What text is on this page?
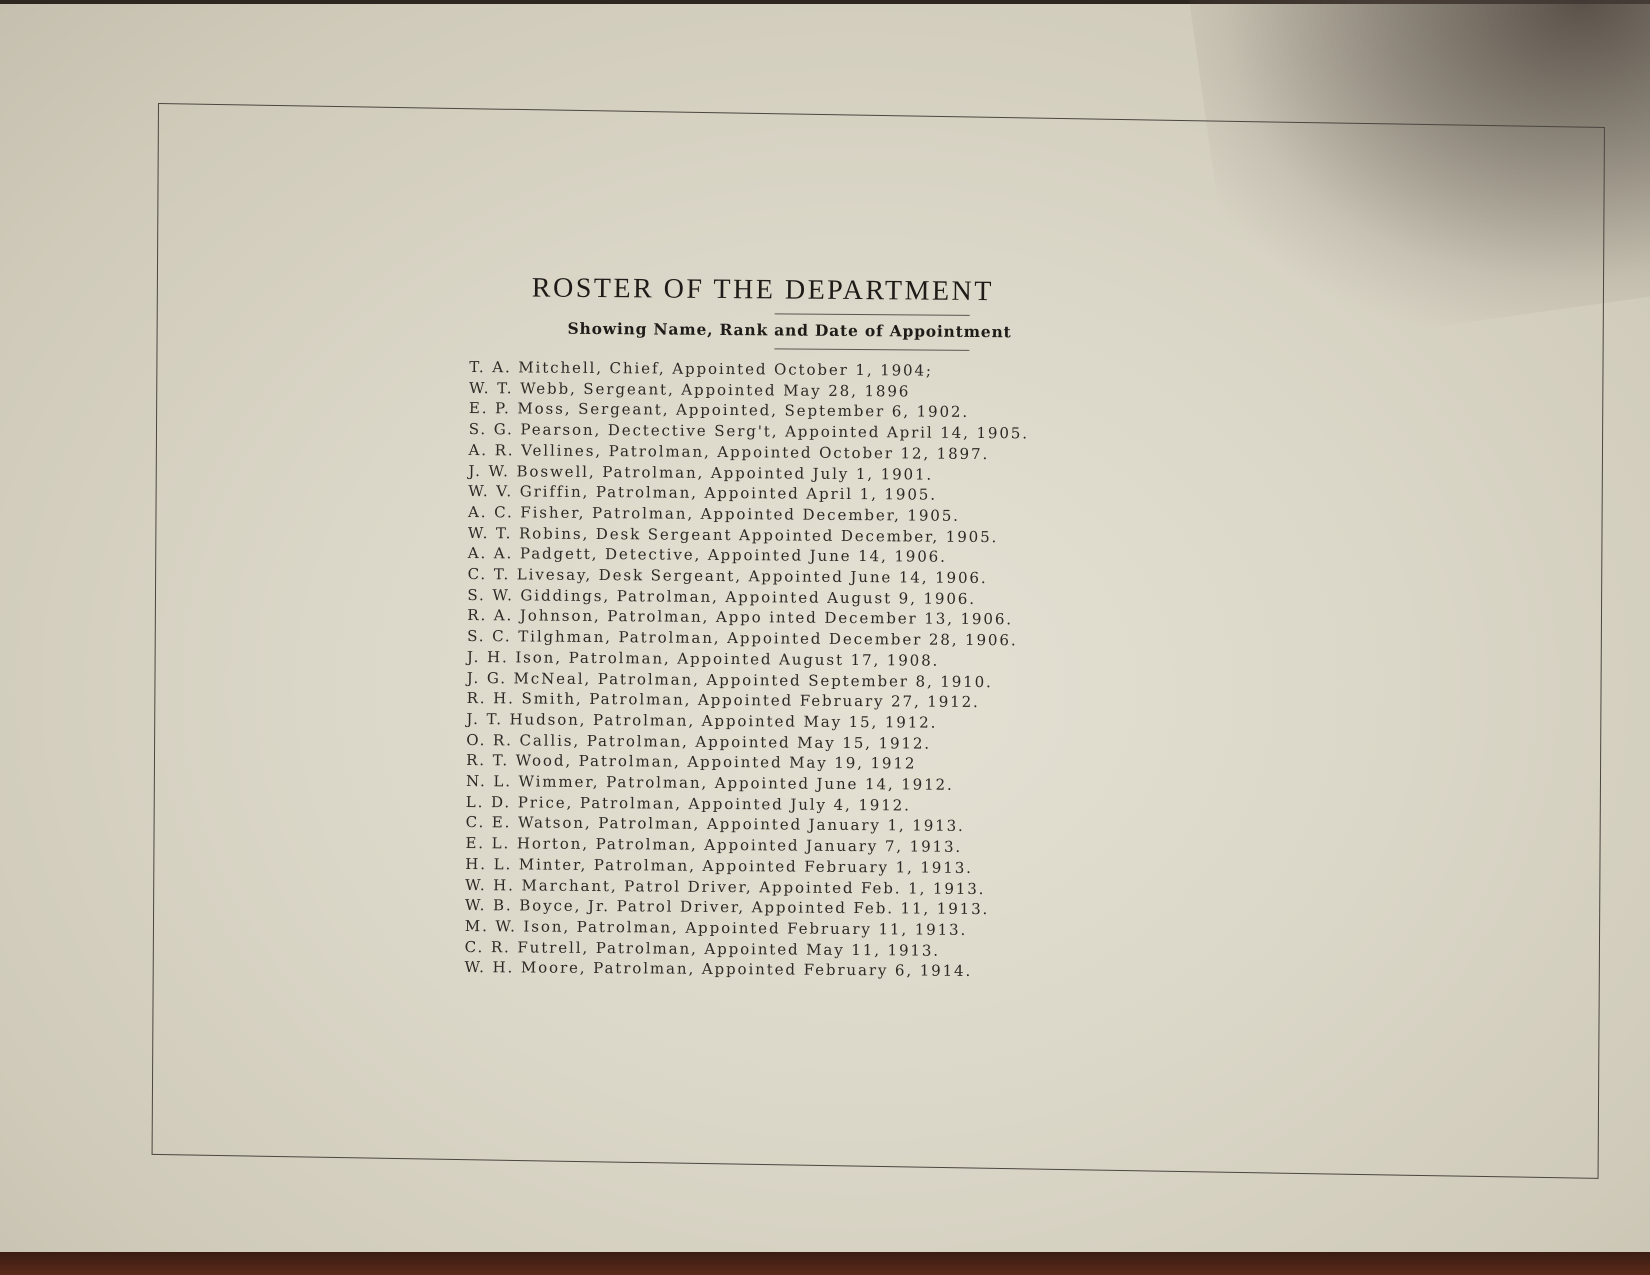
ROSTER OF THE DEPARTMENT
Showing Name, Rank and Date of Appointment
T. A. Mitchell, Chief, Appointed October 1, 1904;
W. T. Webb, Sergeant, Appointed May 28, 1896
E. P. Moss, Sergeant, Appointed, September 6, 1902.
S. G. Pearson, Dectective Serg't, Appointed April 14, 1905.
A. R. Vellines, Patrolman, Appointed October 12, 1897.
J. W. Boswell, Patrolman, Appointed July 1, 1901.
W. V. Griffin, Patrolman, Appointed April 1, 1905.
A. C. Fisher, Patrolman, Appointed December, 1905.
W. T. Robins, Desk Sergeant Appointed December, 1905.
A. A. Padgett, Detective, Appointed June 14, 1906.
C. T. Livesay, Desk Sergeant, Appointed June 14, 1906.
S. W. Giddings, Patrolman, Appointed August 9, 1906.
R. A. Johnson, Patrolman, Appo inted December 13, 1906.
S. C. Tilghman, Patrolman, Appointed December 28, 1906.
J. H. Ison, Patrolman, Appointed August 17, 1908.
J. G. McNeal, Patrolman, Appointed September 8, 1910.
R. H. Smith, Patrolman, Appointed February 27, 1912.
J. T. Hudson, Patrolman, Appointed May 15, 1912.
O. R. Callis, Patrolman, Appointed May 15, 1912.
R. T. Wood, Patrolman, Appointed May 19, 1912
N. L. Wimmer, Patrolman, Appointed June 14, 1912.
L. D. Price, Patrolman, Appointed July 4, 1912.
C. E. Watson, Patrolman, Appointed January 1, 1913.
E. L. Horton, Patrolman, Appointed January 7, 1913.
H. L. Minter, Patrolman, Appointed February 1, 1913.
W. H. Marchant, Patrol Driver, Appointed Feb. 1, 1913.
W. B. Boyce, Jr. Patrol Driver, Appointed Feb. 11, 1913.
M. W. Ison, Patrolman, Appointed February 11, 1913.
C. R. Futrell, Patrolman, Appointed May 11, 1913.
W. H. Moore, Patrolman, Appointed February 6, 1914.
